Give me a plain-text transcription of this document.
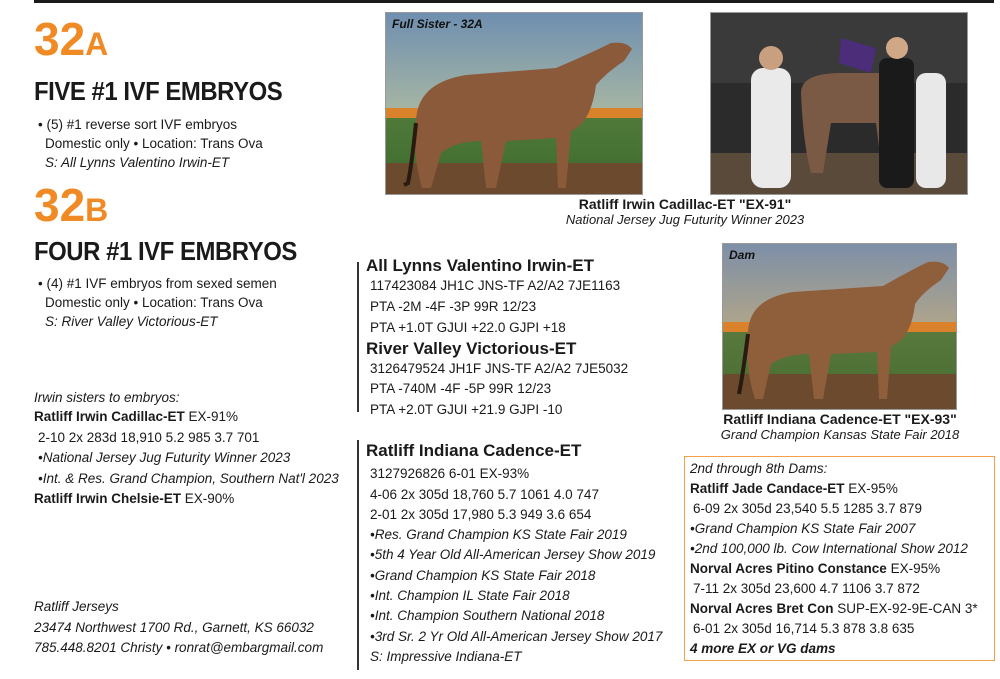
32A
FIVE #1 IVF EMBRYOS
• (5) #1 reverse sort IVF embryos
Domestic only • Location: Trans Ova
S: All Lynns Valentino Irwin-ET
32B
FOUR #1 IVF EMBRYOS
• (4) #1 IVF embryos from sexed semen
Domestic only • Location: Trans Ova
S: River Valley Victorious-ET
Irwin sisters to embryos:
Ratliff Irwin Cadillac-ET EX-91%
2-10 2x 283d 18,910 5.2 985 3.7 701
•National Jersey Jug Futurity Winner 2023
•Int. & Res. Grand Champion, Southern Nat'l 2023
Ratliff Irwin Chelsie-ET EX-90%
Ratliff Jerseys
23474 Northwest 1700 Rd., Garnett, KS 66032
785.448.8201 Christy • ronrat@embargmail.com
Full Sister - 32A
Ratliff Irwin Cadillac-ET "EX-91"
National Jersey Jug Futurity Winner 2023
All Lynns Valentino Irwin-ET
117423084 JH1C JNS-TF A2/A2 7JE1163
PTA -2M -4F -3P 99R 12/23
PTA +1.0T GJUI +22.0 GJPI +18
River Valley Victorious-ET
3126479524 JH1F JNS-TF A2/A2 7JE5032
PTA -740M -4F -5P 99R 12/23
PTA +2.0T GJUI +21.9 GJPI -10
Ratliff Indiana Cadence-ET
3127926826 6-01 EX-93%
4-06 2x 305d 18,760 5.7 1061 4.0 747
2-01 2x 305d 17,980 5.3 949 3.6 654
•Res. Grand Champion KS State Fair 2019
•5th 4 Year Old All-American Jersey Show 2019
•Grand Champion KS State Fair 2018
•Int. Champion IL State Fair 2018
•Int. Champion Southern National 2018
•3rd Sr. 2 Yr Old All-American Jersey Show 2017
S: Impressive Indiana-ET
Dam
Ratliff Indiana Cadence-ET "EX-93"
Grand Champion Kansas State Fair 2018
2nd through 8th Dams:
Ratliff Jade Candace-ET EX-95%
6-09 2x 305d 23,540 5.5 1285 3.7 879
•Grand Champion KS State Fair 2007
•2nd 100,000 lb. Cow International Show 2012
Norval Acres Pitino Constance EX-95%
7-11 2x 305d 23,600 4.7 1106 3.7 872
Norval Acres Bret Con SUP-EX-92-9E-CAN 3*
6-01 2x 305d 16,714 5.3 878 3.8 635
4 more EX or VG dams
